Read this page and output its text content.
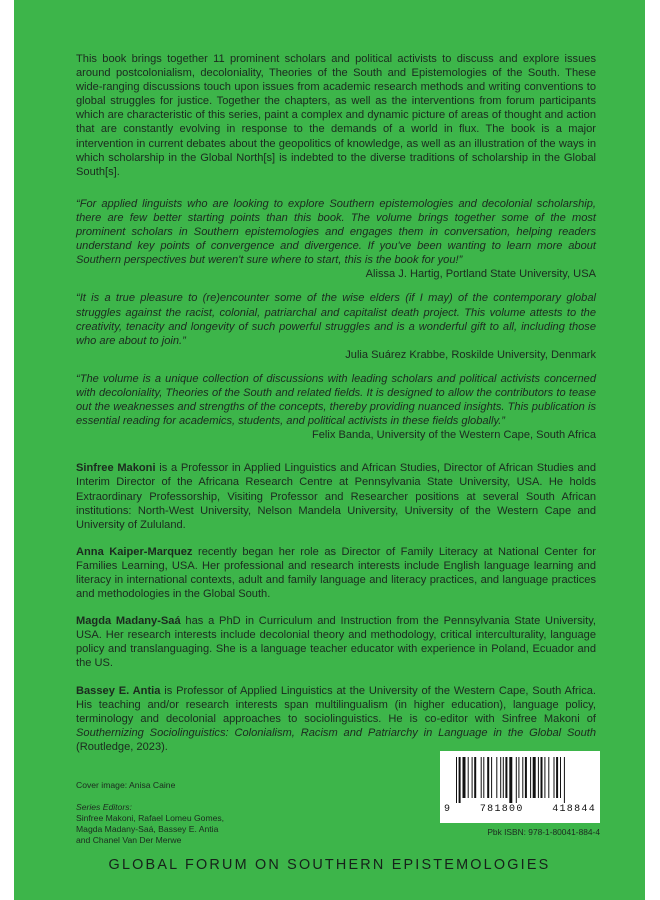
This book brings together 11 prominent scholars and political activists to discuss and explore issues around postcolonialism, decoloniality, Theories of the South and Epistemologies of the South. These wide-ranging discussions touch upon issues from academic research methods and writing conventions to global struggles for justice. Together the chapters, as well as the interventions from forum participants which are characteristic of this series, paint a complex and dynamic picture of areas of thought and action that are constantly evolving in response to the demands of a world in flux. The book is a major intervention in current debates about the geopolitics of knowledge, as well as an illustration of the ways in which scholarship in the Global North[s] is indebted to the diverse traditions of scholarship in the Global South[s].

“For applied linguists who are looking to explore Southern epistemologies and decolonial scholarship, there are few better starting points than this book. The volume brings together some of the most prominent scholars in Southern epistemologies and engages them in conversation, helping readers understand key points of convergence and divergence. If you've been wanting to learn more about Southern perspectives but weren't sure where to start, this is the book for you!”

Alissa J. Hartig, Portland State University, USA

“It is a true pleasure to (re)encounter some of the wise elders (if I may) of the contemporary global struggles against the racist, colonial, patriarchal and capitalist death project. This volume attests to the creativity, tenacity and longevity of such powerful struggles and is a wonderful gift to all, including those who are about to join.”

Julia Suárez Krabbe, Roskilde University, Denmark

“The volume is a unique collection of discussions with leading scholars and political activists concerned with decoloniality, Theories of the South and related fields. It is designed to allow the contributors to tease out the weaknesses and strengths of the concepts, thereby providing nuanced insights. This publication is essential reading for academics, students, and political activists in these fields globally.”

Felix Banda, University of the Western Cape, South Africa

Sinfree Makoni is a Professor in Applied Linguistics and African Studies, Director of African Studies and Interim Director of the Africana Research Centre at Pennsylvania State University, USA. He holds Extraordinary Professorship, Visiting Professor and Researcher positions at several South African institutions: North-West University, Nelson Mandela University, University of the Western Cape and University of Zululand.

Anna Kaiper-Marquez recently began her role as Director of Family Literacy at National Center for Families Learning, USA. Her professional and research interests include English language learning and literacy in international contexts, adult and family language and literacy practices, and language practices and methodologies in the Global South.

Magda Madany-Saá has a PhD in Curriculum and Instruction from the Pennsylvania State University, USA. Her research interests include decolonial theory and methodology, critical interculturality, language policy and translanguaging. She is a language teacher educator with experience in Poland, Ecuador and the US.

Bassey E. Antia is Professor of Applied Linguistics at the University of the Western Cape, South Africa. His teaching and/or research interests span multilingualism (in higher education), language policy, terminology and decolonial approaches to sociolinguistics. He is co-editor with Sinfree Makoni of Southernizing Sociolinguistics: Colonialism, Racism and Patriarchy in Language in the Global South (Routledge, 2023).

Cover image: Anisa Caine
Series Editors:
Sinfree Makoni, Rafael Lomeu Gomes,
Magda Madany-Saá, Bassey E. Antia
and Chanel Van Der Merwe
9	781800	418844
Pbk ISBN: 978-1-80041-884-4
GLOBAL FORUM ON SOUTHERN EPISTEMOLOGIES
